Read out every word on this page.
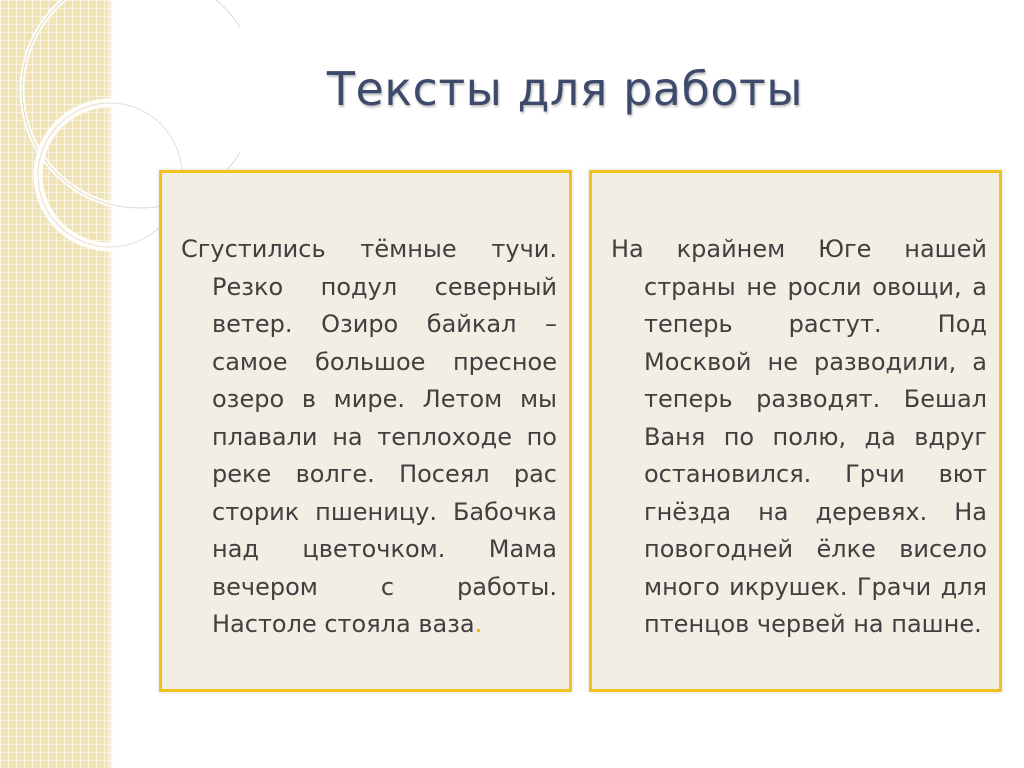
Тексты для работы
Сгустились тёмные тучи. Резко подул северный ветер. Озиро байкал – самое большое пресное озеро в мире. Летом мы плавали на теплоходе по реке волге. Посеял рас сторик пшеницу. Бабочка над цветочком. Мама вечером с работы. Настоле стояла ваза.
На крайнем Юге нашей страны не росли овощи, а теперь растут. Под Москвой не разводили, а теперь разводят. Бешал Ваня по полю, да вдруг остановился. Грчи вют гнёзда на деревях. На повогодней ёлке висело много икрушек. Грачи для птенцов червей на пашне.
